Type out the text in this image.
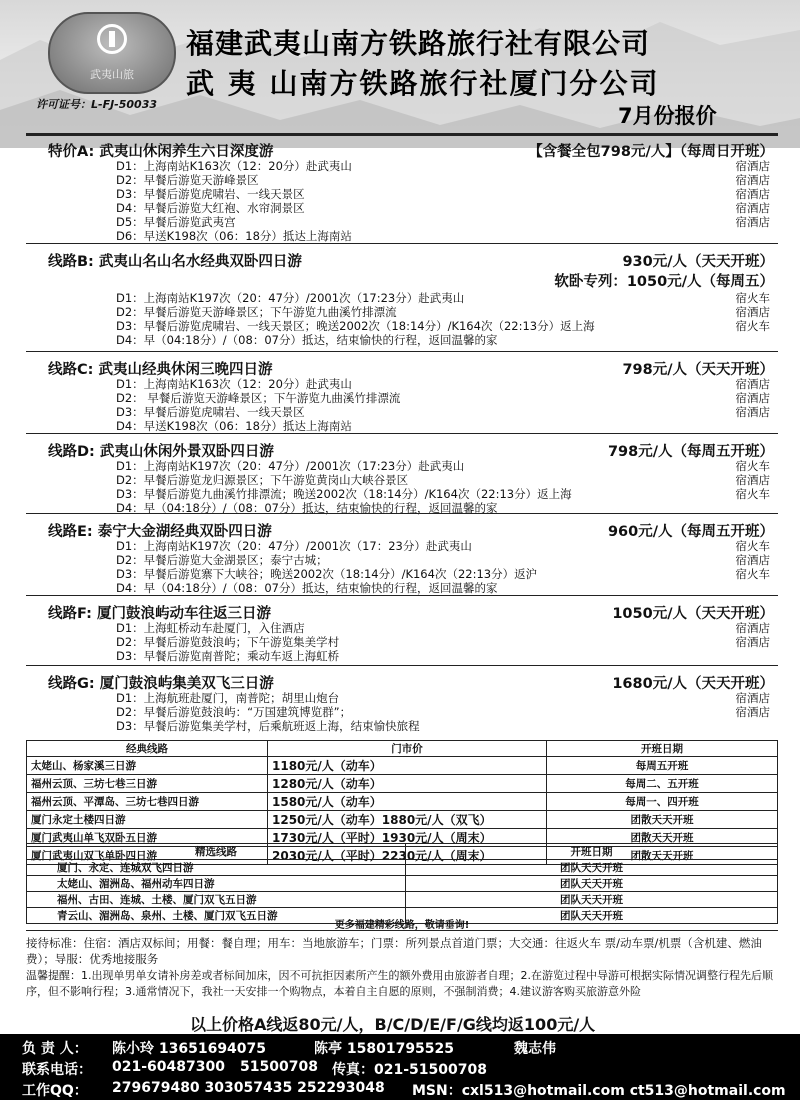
武夷山旅
许可证号：L-FJ-50033
福建武夷山南方铁路旅行社有限公司
武 夷 山南方铁路旅行社厦门分公司
7月份报价
特价A: 武夷山休闲养生六日深度游	【含餐全包798元/人】（每周日开班）
D1：上海南站K163次（12：20分）赴武夷山	宿酒店
D2：早餐后游览天游峰景区	宿酒店
D3：早餐后游览虎啸岩、一线天景区	宿酒店
D4：早餐后游览大红袍、水帘洞景区	宿酒店
D5：早餐后游览武夷宫	宿酒店
D6：早送K198次（06：18分）抵达上海南站
线路B: 武夷山名山名水经典双卧四日游	930元/人（天天开班）
软卧专列：1050元/人（每周五）
D1：上海南站K197次（20：47分）/2001次（17:23分）赴武夷山	宿火车
D2：早餐后游览天游峰景区；下午游览九曲溪竹排漂流	宿酒店
D3：早餐后游览虎啸岩、一线天景区；晚送2002次（18:14分）/K164次（22:13分）返上海	宿火车
D4：早（04:18分）/（08：07分）抵达，结束愉快的行程，返回温馨的家
线路C: 武夷山经典休闲三晚四日游	798元/人（天天开班）
D1：上海南站K163次（12：20分）赴武夷山	宿酒店
D2： 早餐后游览天游峰景区；下午游览九曲溪竹排漂流	宿酒店
D3：早餐后游览虎啸岩、一线天景区	宿酒店
D4：早送K198次（06：18分）抵达上海南站
线路D: 武夷山休闲外景双卧四日游	798元/人（每周五开班）
D1：上海南站K197次（20：47分）/2001次（17:23分）赴武夷山	宿火车
D2：早餐后游览龙归源景区；下午游览黄岗山大峡谷景区	宿酒店
D3：早餐后游览九曲溪竹排漂流；晚送2002次（18:14分）/K164次（22:13分）返上海	宿火车
D4：早（04:18分）/（08：07分）抵达，结束愉快的行程，返回温馨的家
线路E: 泰宁大金湖经典双卧四日游	960元/人（每周五开班）
D1：上海南站K197次（20：47分）/2001次（17：23分）赴武夷山	宿火车
D2：早餐后游览大金湖景区；泰宁古城；	宿酒店
D3：早餐后游览寨下大峡谷；晚送2002次（18:14分）/K164次（22:13分）返沪	宿火车
D4：早（04:18分）/（08：07分）抵达，结束愉快的行程，返回温馨的家
线路F: 厦门鼓浪屿动车往返三日游	1050元/人（天天开班）
D1：上海虹桥动车赴厦门，入住酒店	宿酒店
D2：早餐后游览鼓浪屿；下午游览集美学村	宿酒店
D3：早餐后游览南普陀；乘动车返上海虹桥
线路G: 厦门鼓浪屿集美双飞三日游	1680元/人（天天开班）
D1：上海航班赴厦门，南普陀；胡里山炮台	宿酒店
D2：早餐后游览鼓浪屿：“万国建筑博览群”；	宿酒店
D3：早餐后游览集美学村，后乘航班返上海，结束愉快旅程
经典线路	门市价	开班日期
太姥山、杨家溪三日游	1180元/人（动车）	每周五开班
福州云顶、三坊七巷三日游	1280元/人（动车）	每周二、五开班
福州云顶、平潭岛、三坊七巷四日游	1580元/人（动车）	每周一、四开班
厦门永定土楼四日游	1250元/人（动车）1880元/人（双飞）	团散天天开班
厦门武夷山单飞双卧五日游	1730元/人（平时）1930元/人（周末）	团散天天开班
厦门武夷山双飞单卧四日游	2030元/人（平时）2230元/人（周末）	团散天天开班
精选线路	开班日期
厦门、永定、连城双飞四日游	团队天天开班
太姥山、湄洲岛、福州动车四日游	团队天天开班
福州、古田、连城、土楼、厦门双飞五日游	团队天天开班
青云山、湄洲岛、泉州、土楼、厦门双飞五日游	团队天天开班
更多福建精彩线路，敬请垂询!
接待标准：住宿：酒店双标间；用餐：餐自理；用车：当地旅游车；门票：所列景点首道门票；大交通：往返火车 票/动车票/机票（含机建、燃油费）；导服：优秀地接服务
温馨提醒：1.出现单男单女请补房差或者标间加床，因不可抗拒因素所产生的额外费用由旅游者自理；2.在游览过程中导游可根据实际情况调整行程先后顺序，但不影响行程；3.通常情况下，我社一天安排一个购物点，本着自主自愿的原则，不强制消费；4.建议游客购买旅游意外险
以上价格A线返80元/人，B/C/D/E/F/G线均返100元/人
负 责 人： 陈小玲 13651694075	陈亭 15801795525	魏志伟
联系电话： 021-60487300 51500708 传真：021-51500708
工作QQ： 279679480 303057435 252293048 MSN：cxl513@hotmail.com ct513@hotmail.com
